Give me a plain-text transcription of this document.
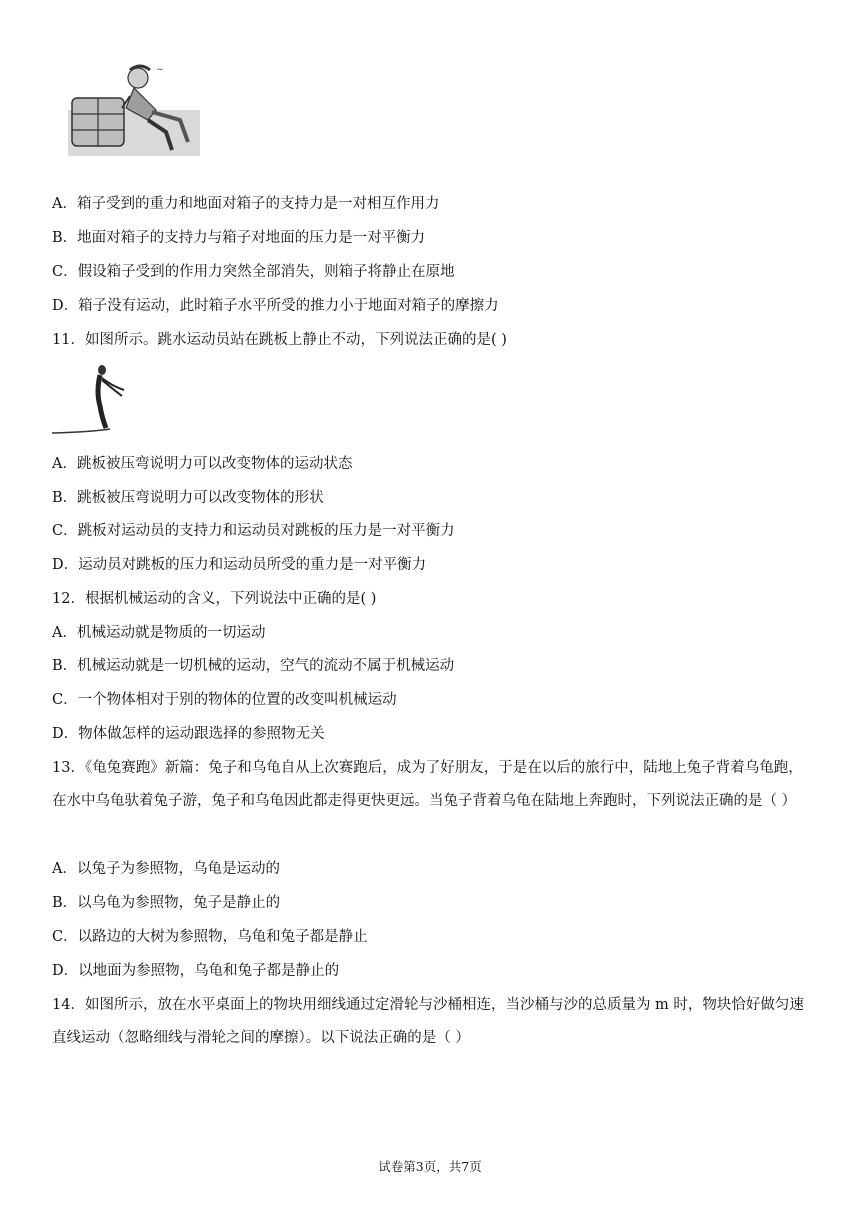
~
A．箱子受到的重力和地面对箱子的支持力是一对相互作用力
B．地面对箱子的支持力与箱子对地面的压力是一对平衡力
C．假设箱子受到的作用力突然全部消失，则箱子将静止在原地
D．箱子没有运动，此时箱子水平所受的推力小于地面对箱子的摩擦力
11．如图所示。跳水运动员站在跳板上静止不动，下列说法正确的是( )
A．跳板被压弯说明力可以改变物体的运动状态
B．跳板被压弯说明力可以改变物体的形状
C．跳板对运动员的支持力和运动员对跳板的压力是一对平衡力
D．运动员对跳板的压力和运动员所受的重力是一对平衡力
12．根据机械运动的含义，下列说法中正确的是( )
A．机械运动就是物质的一切运动
B．机械运动就是一切机械的运动，空气的流动不属于机械运动
C．一个物体相对于别的物体的位置的改变叫机械运动
D．物体做怎样的运动跟选择的参照物无关
13．《龟兔赛跑》新篇：兔子和乌龟自从上次赛跑后，成为了好朋友，于是在以后的旅行中，陆地上兔子背着乌龟跑，在水中乌龟驮着兔子游，兔子和乌龟因此都走得更快更远。当兔子背着乌龟在陆地上奔跑时，下列说法正确的是（ ）
A．以兔子为参照物，乌龟是运动的
B．以乌龟为参照物，兔子是静止的
C．以路边的大树为参照物，乌龟和兔子都是静止
D．以地面为参照物，乌龟和兔子都是静止的
14．如图所示，放在水平桌面上的物块用细线通过定滑轮与沙桶相连，当沙桶与沙的总质量为 m 时，物块恰好做匀速直线运动（忽略细线与滑轮之间的摩擦）。以下说法正确的是（ ）
试卷第3页，共7页
